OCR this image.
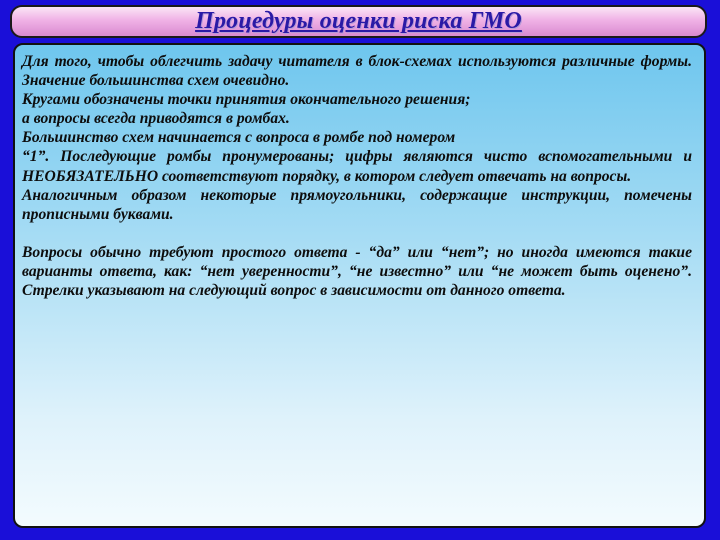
Процедуры оценки риска ГМО

Для того, чтобы облегчить задачу читателя в блок-схемах используются различные формы. Значение большинства схем очевидно.

Кругами обозначены точки принятия окончательного решения;

а вопросы всегда приводятся в ромбах.

Большинство схем начинается с вопроса в ромбе под номером

“1”. Последующие ромбы пронумерованы; цифры являются чисто вспомогательными и НЕОБЯЗАТЕЛЬНО соответствуют порядку, в котором следует отвечать на вопросы.

Аналогичным образом некоторые прямоугольники, содержащие инструкции, помечены прописными буквами.

Вопросы обычно требуют простого ответа - “да” или “нет”; но иногда имеются такие варианты ответа, как: “нет уверенности”, “не известно” или “не может быть оценено”. Стрелки указывают на следующий вопрос в зависимости от данного ответа.
